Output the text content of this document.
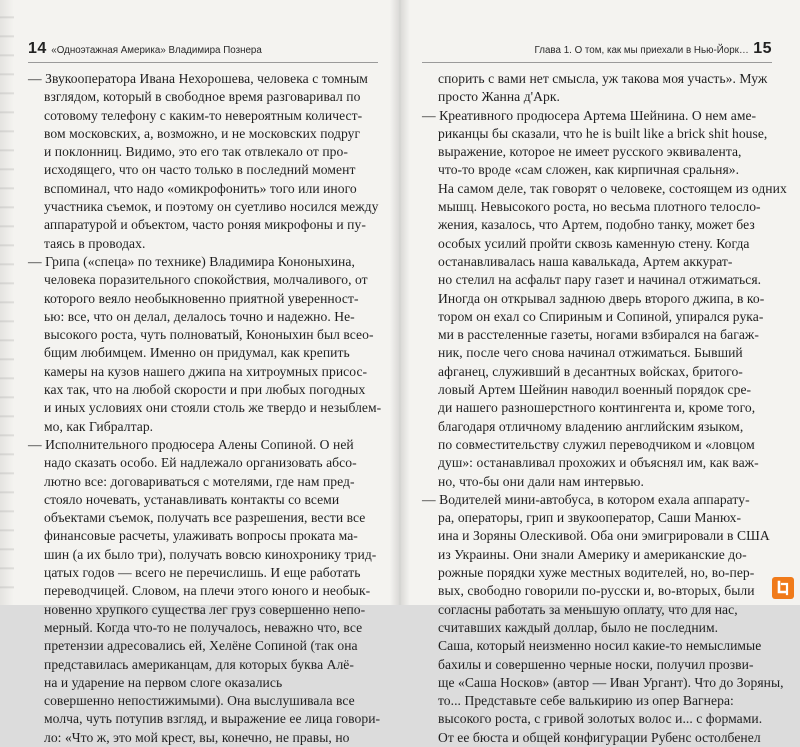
14 «Одноэтажная Америка» Владимира Познера
— Звукооператора Ивана Нехорошева, человека с томным
взглядом, который в свободное время разговаривал по
сотовому телефону с каким-то невероятным количест-
вом московских, а, возможно, и не московских подруг
и поклонниц. Видимо, это его так отвлекало от про-
исходящего, что он часто только в последний момент
вспоминал, что надо «омикрофонить» того или иного
участника съемок, и поэтому он суетливо носился между
аппаратурой и объектом, часто роняя микрофоны и пу-
таясь в проводах.
— Грипа («спеца» по технике) Владимира Кононыхина,
человека поразительного спокойствия, молчаливого, от
которого веяло необыкновенно приятной уверенност-
ью: все, что он делал, делалось точно и надежно. Не-
высокого роста, чуть полноватый, Кононыхин был всео-
бщим любимцем. Именно он придумал, как крепить
камеры на кузов нашего джипа на хитроумных присос-
ках так, что на любой скорости и при любых погодных
и иных условиях они стояли столь же твердо и незыблем-
мо, как Гибралтар.
— Исполнительного продюсера Алены Сопиной. О ней
надо сказать особо. Ей надлежало организовать абсо-
лютно все: договариваться с мотелями, где нам пред-
стояло ночевать, устанавливать контакты со всеми
объектами съемок, получать все разрешения, вести все
финансовые расчеты, улаживать вопросы проката ма-
шин (а их было три), получать вовсю кинохронику трид-
цатых годов — всего не перечислишь. И еще работать
переводчицей. Словом, на плечи этого юного и необык-
новенно хрупкого существа лег груз совершенно непо-
мерный. Когда что-то не получалось, неважно что, все
претензии адресовались ей, Хелёне Сопиной (так она
представилась американцам, для которых буква Алё-
на и ударение на первом слоге оказались
совершенно непостижимыми). Она выслушивала все
молча, чуть потупив взгляд, и выражение ее лица говори-
ло: «Что ж, это мой крест, вы, конечно, не правы, но
Глава 1. О том, как мы приехали в Нью-Йорк… 15
спорить с вами нет смысла, уж такова моя участь». Муж
просто Жанна д'Арк.
— Креативного продюсера Артема Шейнина. О нем аме-
риканцы бы сказали, что he is built like a brick shit house,
выражение, которое не имеет русского эквивалента,
что-то вроде «сам сложен, как кирпичная сральня».
На самом деле, так говорят о человеке, состоящем из одних
мышц. Невысокого роста, но весьма плотного телосло-
жения, казалось, что Артем, подобно танку, может без
особых усилий пройти сквозь каменную стену. Когда
останавливалась наша кавалькада, Артем аккурат-
но стелил на асфальт пару газет и начинал отжиматься.
Иногда он открывал заднюю дверь второго джипа, в ко-
тором он ехал со Спириным и Сопиной, упиралcя рука-
ми в расстеленные газеты, ногами взбирался на багаж-
ник, после чего снова начинал отжиматься. Бывший
афганец, служивший в десантных войсках, бритого-
ловый Артем Шейнин наводил военный порядок сре-
ди нашего разношерстного контингента и, кроме того,
благодаря отличному владению английским языком,
по совместительству служил переводчиком и «ловцом
душ»: останавливал прохожих и объяснял им, как важ-
но, что-бы они дали нам интервью.
— Водителей мини-автобуса, в котором ехала аппарату-
ра, операторы, грип и звукооператор, Саши Манюх-
ина и Зоряны Олескивой. Оба они эмигрировали в США
из Украины. Они знали Америку и американские до-
рожные порядки хуже местных водителей, но, во-пер-
вых, свободно говорили по-русски и, во-вторых, были
согласны работать за меньшую оплату, что для нас,
считавших каждый доллар, было не последним.
Саша, который неизменно носил какие-то немыслимые
бахилы и совершенно черные носки, получил прозви-
ще «Саша Носков» (автор — Иван Ургант). Что до Зоряны,
то... Представьте себе валькирию из опер Вагнера:
высокого роста, с гривой золотых волос и... с формами.
От ее бюста и общей конфигурации Рубенс остолбенел
